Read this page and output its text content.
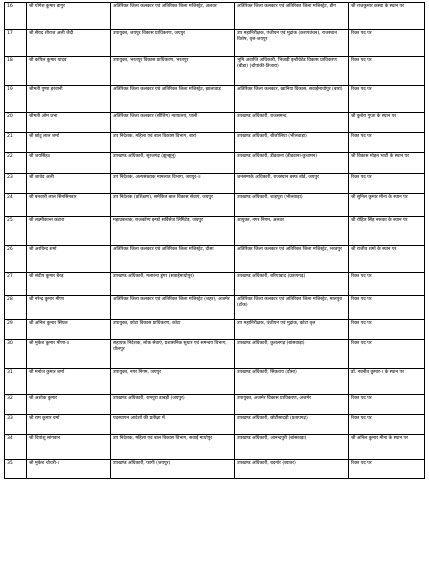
16	श्री योगेश कुमार डागुर	अतिरिक्त जिला कलक्टर एवं अतिरिक्त जिला मजिस्ट्रेट, अलवर	अतिरिक्त जिला कलक्टर एवं अतिरिक्त जिला मजिस्ट्रेट, डीग	श्री राजकुमार कस्वा के स्थान पर
17	श्री सैयद शीराज अली जैदी	उपायुक्त, जयपुर विकास प्राधिकरण, जयपुर	उप महानिरीक्षक, पंजीयन एवं मुद्रांक (करापवंचन), राजस्थान विशेष, वृत्त-जयपुर	रिक्त पद पर
18	श्री कपिल कुमार यादव	उपायुक्त, भरतपुर विकास प्राधिकरण, भरतपुर	भूमि अवाप्ति अधिकारी, भिवाड़ी इन्टीग्रेटेड विकास प्राधिकरण (बीडा) (चौपांकी-तिजारा)	रिक्त पद पर
19	श्रीमती पुष्पा हरवानी	अतिरिक्त जिला कलक्टर एवं अतिरिक्त जिला मजिस्ट्रेट, झालावाड़	अतिरिक्त जिला कलक्टर, खानिया विकास, सवाईमाधोपुर (बारां)	रिक्त पद पर
20	श्रीमती ओम प्रभा	अतिरिक्त जिला कलक्टर (सीलिंग) न्यायालय, पाली	उपखण्ड अधिकारी, राजसमन्द	श्री कुबेरा गुप्ता के स्थान पर
21	श्री छोटू लाल शर्मा	उप निदेशक, महिला एवं बाल विकास विभाग, बारां	उपखण्ड अधिकारी, बीजोलिया (भीलवाड़ा)	रिक्त पद पर
22	श्री जयसिंह॥	उपखण्ड अधिकारी, सूरजगढ़ (झुन्झुनू)	उपखण्ड अधिकारी, डीडवाना (डीडवाना-कुचामन)	श्री विकास मोहन भाटी के स्थान पर
23	श्री जावेद अली	उप निदेशक, अल्पसंख्यक मामलात विभाग, जयपुर-॥	जनसम्पर्क अधिकारी, राजस्थान बस्फ बोर्ड, जयपुर	रिक्त पद पर
24	श्री बनवारी लाल सिनसिनवार	उप निदेशक (प्रशिक्षण), समेकित बाल विकास सेवाएं, जयपुर	उपखण्ड अधिकारी, शाहपुरा (भीलवाड़ा)	श्री सुनिल कुमार मीना के स्थान पर
25	श्री लक्ष्मीकान्त कटारा	महाप्रबन्धक, राजकॉम्प इन्फो सर्विसेज लिमिटेड, जयपुर	आयुक्त, नगर निगम, अलवर	श्री रोहित सिंह नरूका के स्थान पर
26	श्री अरविन्द शर्मा	अतिरिक्त जिला कलक्टर एवं अतिरिक्त जिला मजिस्ट्रेट, दौसा	अतिरिक्त जिला कलक्टर एवं अतिरिक्त जिला मजिस्ट्रेट, भरतपुर	श्री राजीव शर्मा के स्थान पर
27	श्री संदीप कुमार बैरड़	उपखण्ड अधिकारी, मलारना डूंगर (सवाईमाधोपुर)	उपखण्ड अधिकारी, बरियाबाद (प्रतापगढ़)	रिक्त पद पर
28	श्री नरेन्द्र कुमार मीणा	अतिरिक्त जिला कलक्टर एवं अतिरिक्त जिला मजिस्ट्रेट (शहर), अजमेर	अतिरिक्त जिला कलक्टर एवं अतिरिक्त जिला मजिस्ट्रेट, मालपुरा (टोंक)	रिक्त पद पर
29	श्री अनिल कुमार सिंघल	उपायुक्त, कोटा विकास प्राधिकरण, कोटा	उप महानिरीक्षक, पंजीयन एवं मुद्रांक, कोटा वृत्त	रिक्त पद पर
30	श्री मुकेश कुमार मीणा-॥	सहायक निदेशक, लोक सेवाएं, प्रशासनिक सुधार एवं समन्वय विभाग, धौलपुर	उपखण्ड अधिकारी, कुशलगढ़ (बांसवाड़ा)	रिक्त पद पर
31	श्री मनोज कुमार शर्मा	उपायुक्त, नगर निगम, जयपुर	उपखण्ड अधिकारी, सिकराय (दौसा)	डॉ. नवनीत कुमार-। के स्थान पर
32	श्री अशोक कुमार	उपखण्ड अधिकारी, रामपुरा डाबड़ी (जयपुर)	उपायुक्त, अजमेर विकास प्राधिकरण, अजमेर	रिक्त पद पर
33	श्री राम कुमार वर्मा	पदस्थापन आदेशों की प्रतीक्षा में	उपखण्ड अधिकारी, छोटीसादड़ी (प्रतापगढ़)	रिक्त पद पर
34	श्री दिपांशु सांगवान	उप निदेशक, महिला एवं बाल विकास विभाग, सवाई माधोपुर	उपखण्ड अधिकारी, आनन्दपुरी (बांसवाड़ा)	श्री अनिल कुमार मीना के स्थान पर
35	श्री मुकेश चौधरी-।	उपखण्ड अधिकारी, फागी (जयपुर)	उपखण्ड अधिकारी, बदनोर (ब्यावर)	रिक्त पद पर
